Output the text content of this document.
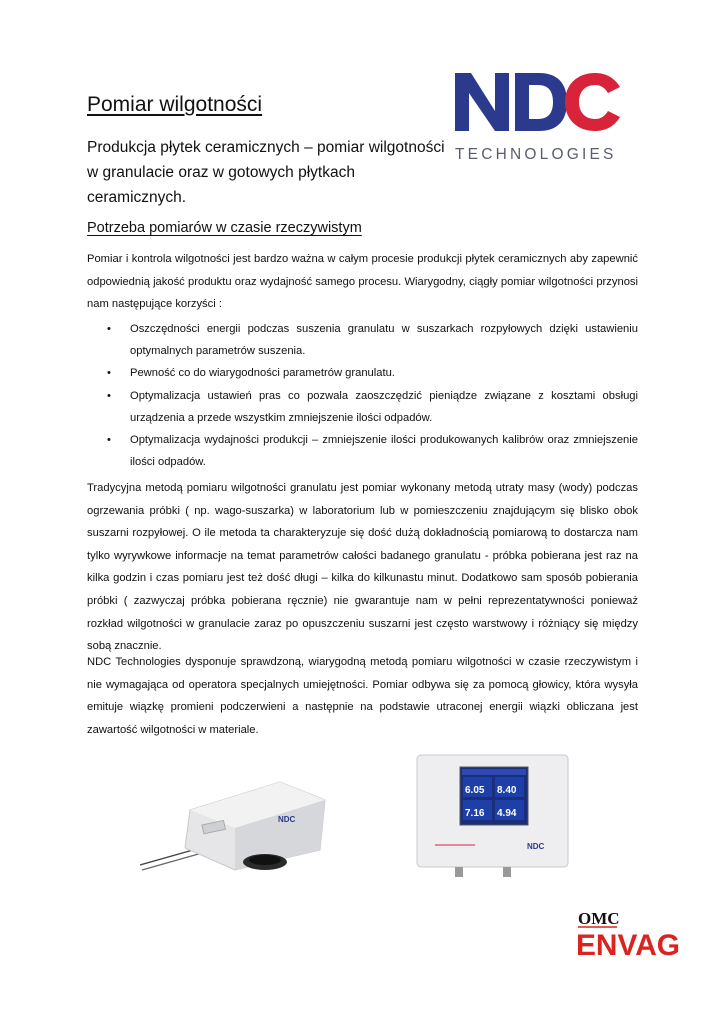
Pomiar wilgotności
Produkcja płytek ceramicznych – pomiar wilgotności w granulacie oraz w gotowych płytkach ceramicznych.
TECHNOLOGIES
Potrzeba pomiarów w czasie rzeczywistym
Pomiar i kontrola wilgotności jest bardzo ważna w całym procesie produkcji płytek ceramicznych aby zapewnić odpowiednią jakość produktu oraz wydajność samego procesu. Wiarygodny, ciągły pomiar wilgotności przynosi nam następujące korzyści :
• Oszczędności energii podczas suszenia granulatu w suszarkach rozpyłowych dzięki ustawieniu optymalnych parametrów suszenia.
• Pewność co do wiarygodności parametrów granulatu.
• Optymalizacja ustawień pras co pozwala zaoszczędzić pieniądze związane z kosztami obsługi urządzenia a przede wszystkim zmniejszenie ilości odpadów.
• Optymalizacja wydajności produkcji – zmniejszenie ilości produkowanych kalibrów oraz zmniejszenie ilości odpadów.
Tradycyjna metodą pomiaru wilgotności granulatu jest pomiar wykonany metodą utraty masy (wody) podczas ogrzewania próbki ( np. wago-suszarka) w laboratorium lub w pomieszczeniu znajdującym się blisko obok suszarni rozpyłowej. O ile metoda ta charakteryzuje się dość dużą dokładnością pomiarową to dostarcza nam tylko wyrywkowe informacje na temat parametrów całości badanego granulatu - próbka pobierana jest raz na kilka godzin i czas pomiaru jest też dość długi – kilka do kilkunastu minut. Dodatkowo sam sposób pobierania próbki ( zazwyczaj próbka pobierana ręcznie) nie gwarantuje nam w pełni reprezentatywności ponieważ rozkład wilgotności w granulacie zaraz po opuszczeniu suszarni jest często warstwowy i różniący się między sobą znacznie.
NDC Technologies dysponuje sprawdzoną, wiarygodną metodą pomiaru wilgotności w czasie rzeczywistym i nie wymagająca od operatora specjalnych umiejętności. Pomiar odbywa się za pomocą głowicy, która wysyła emituje wiązkę promieni podczerwieni a następnie na podstawie utraconej energii wiązki obliczana jest zawartość wilgotności w materiale.
NDC
6.05 8.40
7.16 4.94
NDC
OMC
ENVAG
